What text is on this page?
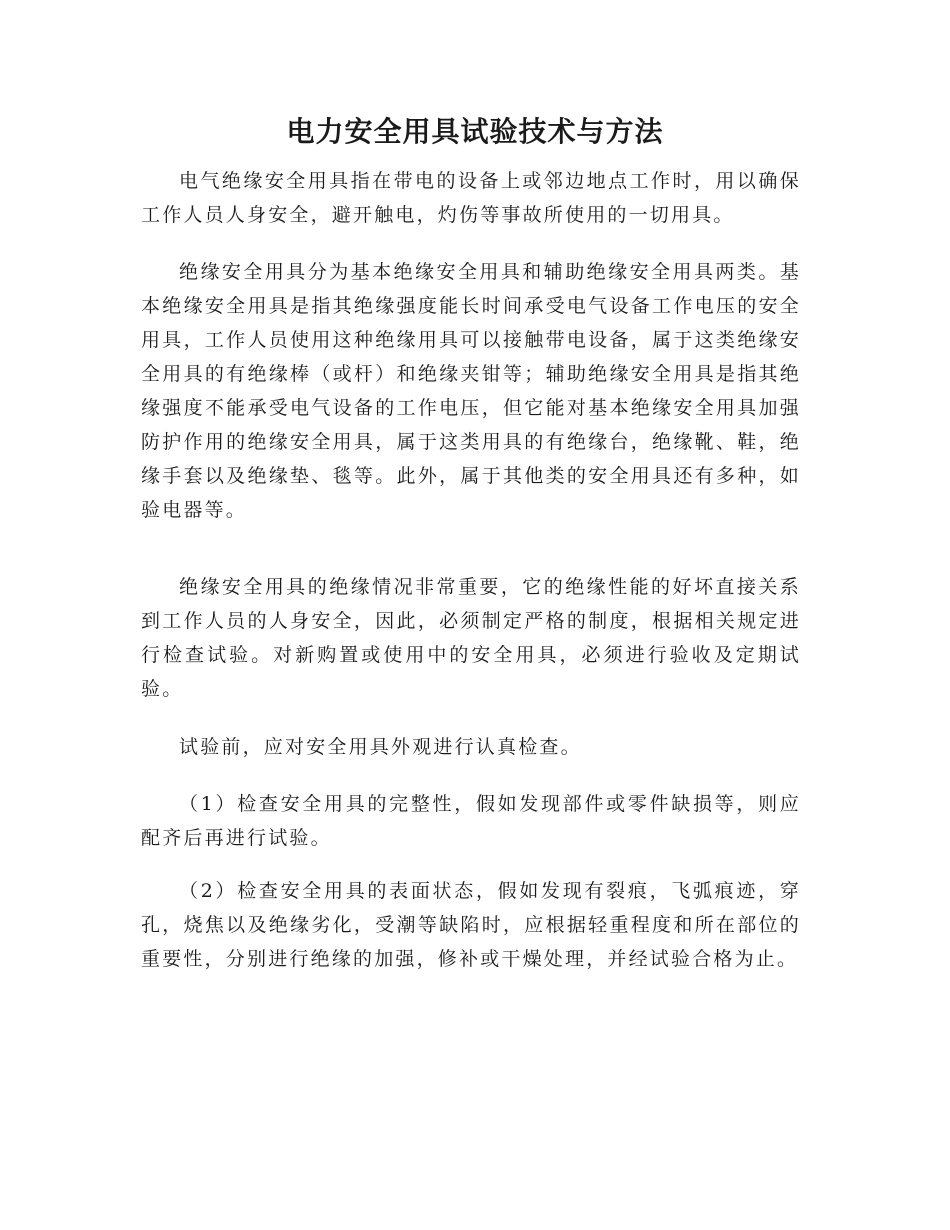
电力安全用具试验技术与方法

电气绝缘安全用具指在带电的设备上或邻边地点工作时，用以确保工作人员人身安全，避开触电，灼伤等事故所使用的一切用具。

绝缘安全用具分为基本绝缘安全用具和辅助绝缘安全用具两类。基本绝缘安全用具是指其绝缘强度能长时间承受电气设备工作电压的安全用具，工作人员使用这种绝缘用具可以接触带电设备，属于这类绝缘安全用具的有绝缘棒（或杆）和绝缘夹钳等；辅助绝缘安全用具是指其绝缘强度不能承受电气设备的工作电压，但它能对基本绝缘安全用具加强防护作用的绝缘安全用具，属于这类用具的有绝缘台，绝缘靴、鞋，绝缘手套以及绝缘垫、毯等。此外，属于其他类的安全用具还有多种，如验电器等。

绝缘安全用具的绝缘情况非常重要，它的绝缘性能的好坏直接关系到工作人员的人身安全，因此，必须制定严格的制度，根据相关规定进行检查试验。对新购置或使用中的安全用具，必须进行验收及定期试验。

试验前，应对安全用具外观进行认真检查。

（1）检查安全用具的完整性，假如发现部件或零件缺损等，则应配齐后再进行试验。

（2）检查安全用具的表面状态，假如发现有裂痕，飞弧痕迹，穿孔，烧焦以及绝缘劣化，受潮等缺陷时，应根据轻重程度和所在部位的重要性，分别进行绝缘的加强，修补或干燥处理，并经试验合格为止。
